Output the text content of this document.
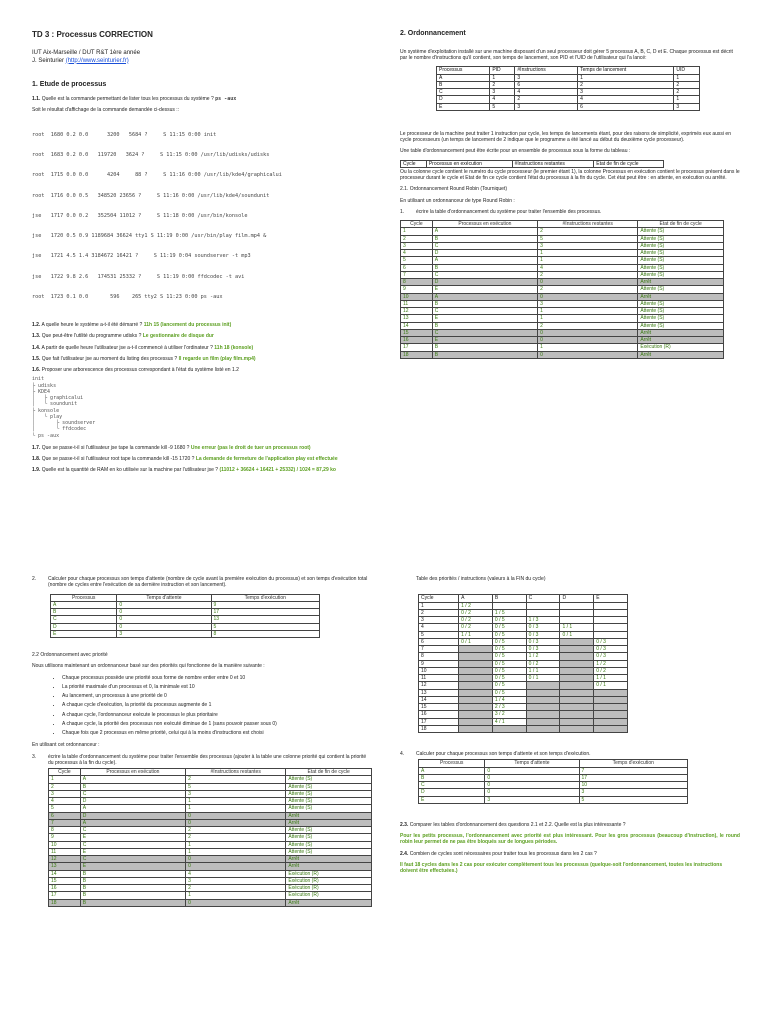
TD 3 : Processus CORRECTION
IUT Aix-Marseille / DUT R&T 1ère année
J. Seinturier (http://www.seinturier.fr)
1. Etude de processus

1.1. Quelle est la commande permettant de lister tous les processus du système ? ps -aux

Soit le résultat d'affichage de la commande demandée ci-dessus ::

root  1680 0.2 0.0      3200   5684 ?     S 11:15 0:00 init

root  1683 0.2 0.0   119720   3624 ?     S 11:15 0:00 /usr/lib/udisks/udisks

root  1715 0.0 0.0      4204     88 ?     S 11:16 0:00 /usr/lib/kde4/graphicalui

root  1716 0.0 0.5   348520 23656 ?     S 11:16 0:00 /usr/lib/kde4/soundunit

jse   1717 0.0 0.2   352504 11012 ?     S 11:18 0:00 /usr/bin/konsole

jse   1720 0.5 0.9 1189684 36624 tty1 S 11:19 0:00 /usr/bin/play film.mp4 &

jse   1721 4.5 1.4 3184672 16421 ?     S 11:19 0:04 soundserver -t mp3

jse   1722 9.8 2.6   174531 25332 ?     S 11:19 0:00 ffdcodec -t avi

root  1723 0.1 0.0       596    265 tty2 S 11:23 0:00 ps -aux

1.2. A quelle heure le système a-t-il été démarré ? 11h 15 (lancement du processus init)

1.3. Que peut-être l'utilité du programme udisks ? Le gestionnaire de disque dur

1.4. A partir de quelle heure l'utilisateur jse a-t-il commencé à utiliser l'ordinateur ? 11h 18 (konsole)

1.5. Que fait l'utilisateur jse au moment du listing des processus ? Il regarde un film (play film.mp4)

1.6. Proposer une arborescence des processus correspondant à l'état du système listé en 1.2

init
├ udisks
├ KDE4
│   ├ graphicalui
│   └ soundunit
├ konsole
│   └ play
│       ├ soundserver
│       └ ffdcodec
└ ps -aux

1.7. Que se passe-t-il si l'utilisateur jse tape la commande kill -9 1680 ? Une erreur (pas le droit de tuer un processus root)

1.8. Que se passe-t-il si l'utilisateur root tape la commande kill -15 1720 ? La demande de fermeture de l'application play est effectuée

1.9. Quelle est la quantité de RAM en ko utilisée sur la machine par l'utilisateur jse ? (11012 + 36624 + 16421 + 25332) / 1024 = 87,29 ko

2. Ordonnancement

Un système d'exploitation installé sur une machine disposant d'un seul processeur doit gérer 5 processus A, B, C, D et E. Chaque processus est décrit par le nombre d'instructions qu'il contient, son temps de lancement, son PID et l'UID de l'utilisateur qui l'a lancé:

Processus	PID	#Instructions	Temps de lancement	UID
A	1	3	1	1
B	2	6	2	2
C	3	4	3	2
D	4	2	4	1
E	5	3	6	3

Le processeur de la machine peut traiter 1 instruction par cycle, les temps de lancements étant, pour des raisons de simplicité, exprimés eux aussi en cycle processeurs (un temps de lancement de 2 indique que le programme a été lancé au début du deuxième cycle processeur).

Une table d'ordonnancement peut être écrite pour un ensemble de processus sous la forme du tableau :

Cycle	Processus en exécution	#Instructions restantes	Etat de fin de cycle

Ou la colonne cycle contient le numéro du cycle processeur (le premier étant 1), la colonne Processus en exécution contient le processus présent dans le processeur durant le cycle et Etat de fin ce cycle contient l'état du processus à la fin du cycle. Cet état peut être : en attente, en exécution ou arrêté.

2.1. Ordonnancement Round Robin (Tourniquet)

En utilisant un ordonnanceur de type Round Robin :

1. écrire la table d'ordonnancement du système pour traiter l'ensemble des processus.

Cycle	Processus en exécution	#Instructions restantes	Etat de fin de cycle
1	A	2	Attente (S)
2	B	5	Attente (S)
3	C	3	Attente (S)
4	D	1	Attente (S)
5	A	1	Attente (S)
6	B	4	Attente (S)
7	C	2	Attente (S)
8	D	0	Arrêt
9	E	2	Attente (S)
10	A	0	Arrêt
11	B	3	Attente (S)
12	C	1	Attente (S)
13	E	1	Attente (S)
14	B	2	Attente (S)
15	C	0	Arrêt
16	E	0	Arrêt
17	B	1	Exécution (R)
18	B	0	Arrêt

2. Calculer pour chaque processus son temps d'attente (nombre de cycle avant la première exécution du processus) et son temps d'exécution total (nombre de cycles entre l'exécution de sa dernière instruction et son lancement).

Processus	Temps d'attente	Temps d'exécution
A	0	9
B	0	17
C	0	13
D	0	5
E	3	8

2.2 Ordonnancement avec priorité

Nous utilisons maintenant un ordonnanceur basé sur des priorités qui fonctionne de la manière suivante :

• Chaque processus possède une priorité sous forme de nombre entier entre 0 et 10
• La priorité maximale d'un processus et 0, la minimale est 10
• Au lancement, un processus à une priorité de 0
• A chaque cycle d'exécution, la priorité du processus augmente de 1
• A chaque cycle, l'ordonnanceur exécute le processus le plus prioritaire
• A chaque cycle, la priorité des processus non exécuté diminue de 1 (sans pouvoir passer sous 0)
• Chaque fois que 2 processus en même priorité, celui qui à la moins d'instructions est choisi

En utilisant cet ordonnanceur :

3. écrire la table d'ordonnancement du système pour traiter l'ensemble des processus (ajouter à la table une colonne priorité qui contient la priorité du processus à la fin du cycle).

Cycle	Processus en exécution	#Instructions restantes	Etat de fin de cycle
1	A	2	Attente (S)
2	B	5	Attente (S)
3	C	3	Attente (S)
4	D	1	Attente (S)
5	A	1	Attente (S)
6	D	0	Arrêt
7	A	0	Arrêt
8	C	2	Attente (S)
9	E	2	Attente (S)
10	C	1	Attente (S)
11	E	1	Attente (S)
12	C	0	Arrêt
13	E	0	Arrêt
14	B	4	Exécution (R)
15	B	3	Exécution (R)
16	B	2	Exécution (R)
17	B	1	Exécution (R)
18	B	0	Arrêt

Table des priorités / instructions (valeurs à la FIN du cycle)

Cycle	A	B	C	D	E
1	1 / 2				
2	0 / 2	1 / 5			
3	0 / 2	0 / 5	1 / 3		
4	0 / 2	0 / 5	0 / 3	1 / 1	
5	1 / 1	0 / 5	0 / 3	0 / 1	
6	0 / 1	0 / 5	0 / 3		0 / 3
7		0 / 5	0 / 3		0 / 3
8		0 / 5	1 / 2		0 / 3
9		0 / 5	0 / 2		1 / 2
10		0 / 5	1 / 1		0 / 2
11		0 / 5	0 / 1		1 / 1
12		0 / 5			0 / 1
13		0 / 5			
14		1 / 4			
15		2 / 3			
16		3 / 2			
17		4 / 1			
18					

4. Calculer pour chaque processus son temps d'attente et son temps d'exécution.

Processus	Temps d'attente	Temps d'exécution
A	0	7
B	0	17
C	0	10
D	0	3
E	3	5

2.3. Comparer les tables d'ordonnancement des questions 2.1 et 2.2. Quelle est la plus intéressante ?

Pour les petits processus, l'ordonnancement avec priorité est plus intéressant. Pour les gros processus (beaucoup d'instruction), le round robin leur permet de ne pas être bloqués sur de longues périodes.

2.4. Combien de cycles sont nécessaires pour traiter tous les processus dans les 2 cas ?

Il faut 18 cycles dans les 2 cas pour exécuter complètement tous les processus (quelque-soit l'ordonnancement, toutes les instructions doivent être effectuées.)
